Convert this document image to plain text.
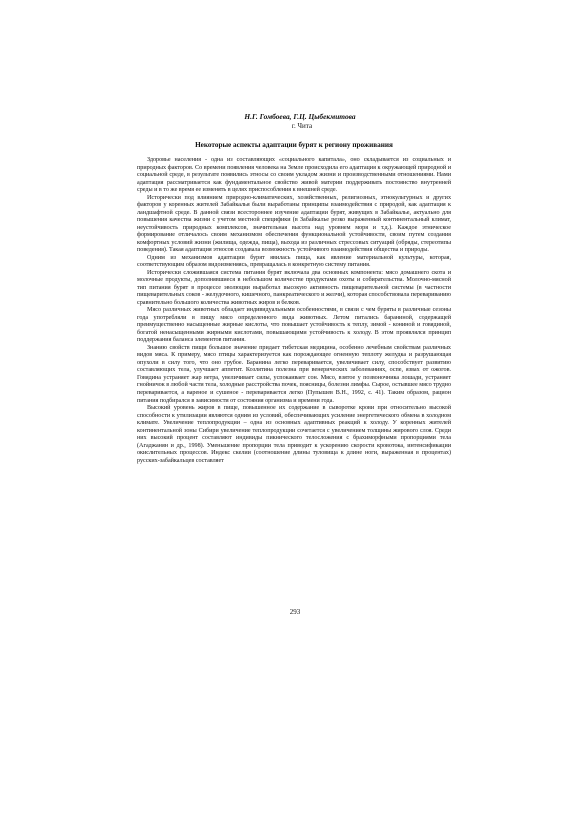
Н.Г. Гомбоева, Г.Ц. Цыбекмитова
г. Чита
Некоторые аспекты адаптации бурят к региону проживания

Здоровье населения - одна из составляющих «социального капитала», оно складывается из социальных и природных факторов. Со времени появления человека на Земле происходила его адаптация к окружающей природной и социальной среде, в результате появились этносы со своим укладом жизни и производственными отношениями. Нами адаптация рассматривается как фундаментальное свойство живой материи поддерживать постоянство внутренней среды и в то же время ее изменять в целях приспособления к внешней среде.

Исторически под влиянием природно-климатических, хозяйственных, религиозных, этнокультурных и других факторов у коренных жителей Забайкалья были выработаны принципы взаимодействия с природой, как адаптация к ландшафтной среде. В данной связи всестороннее изучение адаптации бурят, живущих в Забайкалье, актуально для повышения качества жизни с учетом местной специфики (в Забайкалье резко выраженный континентальный климат, неустойчивость природных комплексов, значительная высота над уровнем моря и т.д.). Каждое этническое формирование отличалось своим механизмом обеспечения функциональной устойчивости, своим путем создания комфортных условий жизни (жилища, одежда, пища), выхода из различных стрессовых ситуаций (обряды, стереотипы поведения). Такая адаптация этносов создавала возможность устойчивого взаимодействия общества и природы.

Одним из механизмов адаптации бурят явилась пища, как явление материальной культуры, которая, соответствующим образом видоизменяясь, превращалась в конкретную систему питания.

Исторически сложившаяся система питания бурят включала два основных компонента: мясо домашнего скота и молочные продукты, дополнявшиеся в небольшом количестве продуктами охоты и собирательства. Молочно-мясной тип питания бурят в процессе эволюции выработал высокую активность пищеварительной системы (в частности пищеварительных соков - желудочного, кишечного, панкреатического и желчи), которая способствовала перевариванию сравнительно большого количества животных жиров и белков.

Мясо различных животных обладает индивидуальными особенностями, в связи с чем буряты в различные сезоны года употребляли в пищу мясо определенного вида животных. Летом питались бараниной, содержащей преимущественно насыщенные жирные кислоты, что повышает устойчивость к теплу, зимой - кониной и говядиной, богатой ненасыщенными жирными кислотами, повышающими устойчивость к холоду. В этом проявлялся принцип поддержания баланса элементов питания.

Знанию свойств пищи большое значение придает тибетская медицина, особенно лечебным свойствам различных видов мяса. К примеру, мясо птицы характеризуется как порождающее огненную теплоту желудка и разрушающая опухоли в силу того, что оно грубое. Баранина легко переваривается, увеличивает силу, способствует развитию составляющих тела, улучшает аппетит. Козлятина полезна при венерических заболеваниях, оспе, язвах от ожогов. Говядина устраняет жар ветра, увеличивает силы, успокаивает сон. Мясо, взятое у позвоночника лошади, устраняет гнойничок в любой части тела, холодные расстройства почек, поясницы, болезни лимфы. Сырое, остывшее мясо трудно переваривается, а вареное и сушеное - переваривается легко (Пупышев В.Н., 1992, с. 41). Таким образом, рацион питания подбирался в зависимости от состояния организма и времени года.

Высокий уровень жиров в пище, повышенное их содержание в сыворотке крови при относительно высокой способности к утилизации являются одним из условий, обеспечивающих усиление энергетического обмена в холодном климате. Увеличение теплопродукции – одна из основных адаптивных реакций к холоду. У коренных жителей континентальной зоны Сибири увеличение теплопродукции сочетается с увеличением толщины жирового слоя. Среди них высокий процент составляют индивиды пикнического телосложения с брахиморфными пропорциями тела (Агаджанян и др., 1998). Уменьшение пропорции тела приводит к ускорению скорости кровотока, интенсификации окислительных процессов. Индекс скелии (соотношение длины туловища к длине ноги, выраженная в процентах) русских-забайкальцев составляет

293
